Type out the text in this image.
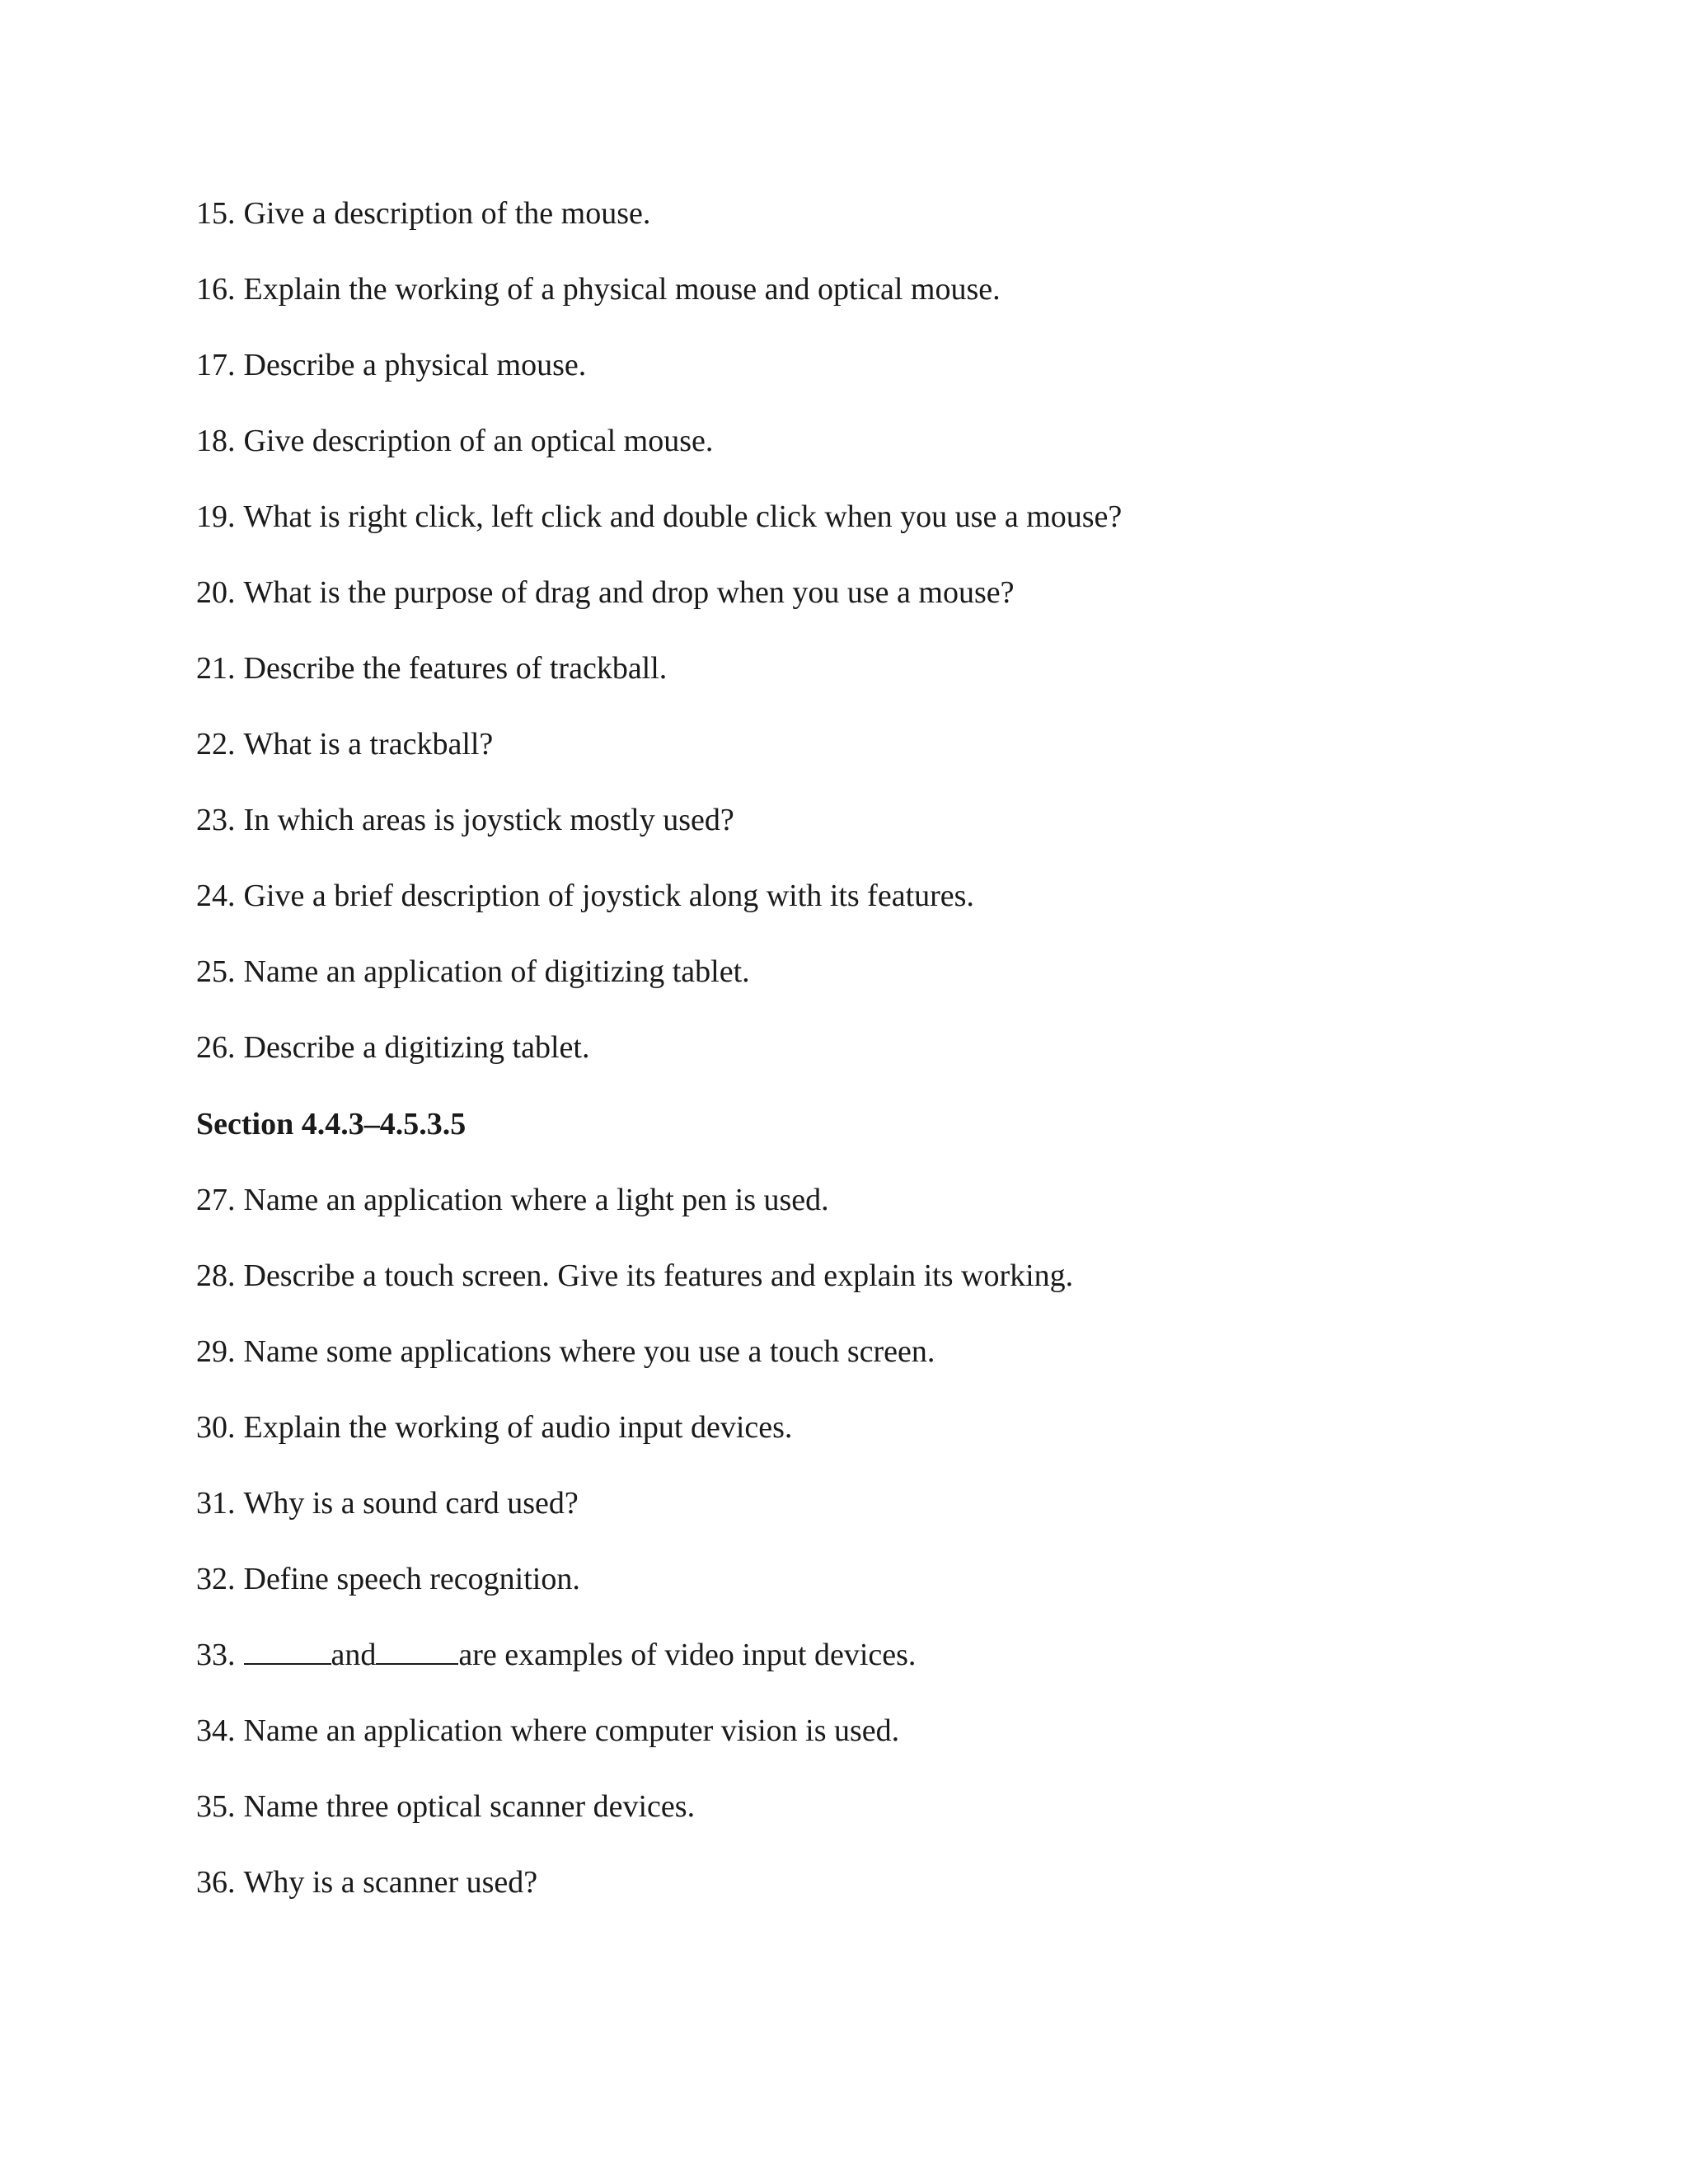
15. Give a description of the mouse.
16. Explain the working of a physical mouse and optical mouse.
17. Describe a physical mouse.
18. Give description of an optical mouse.
19. What is right click, left click and double click when you use a mouse?
20. What is the purpose of drag and drop when you use a mouse?
21. Describe the features of trackball.
22. What is a trackball?
23. In which areas is joystick mostly used?
24. Give a brief description of joystick along with its features.
25. Name an application of digitizing tablet.
26. Describe a digitizing tablet.
Section 4.4.3–4.5.3.5
27. Name an application where a light pen is used.
28. Describe a touch screen. Give its features and explain its working.
29. Name some applications where you use a touch screen.
30. Explain the working of audio input devices.
31. Why is a sound card used?
32. Define speech recognition.
33.	and	are examples of video input devices.
34. Name an application where computer vision is used.
35. Name three optical scanner devices.
36. Why is a scanner used?
